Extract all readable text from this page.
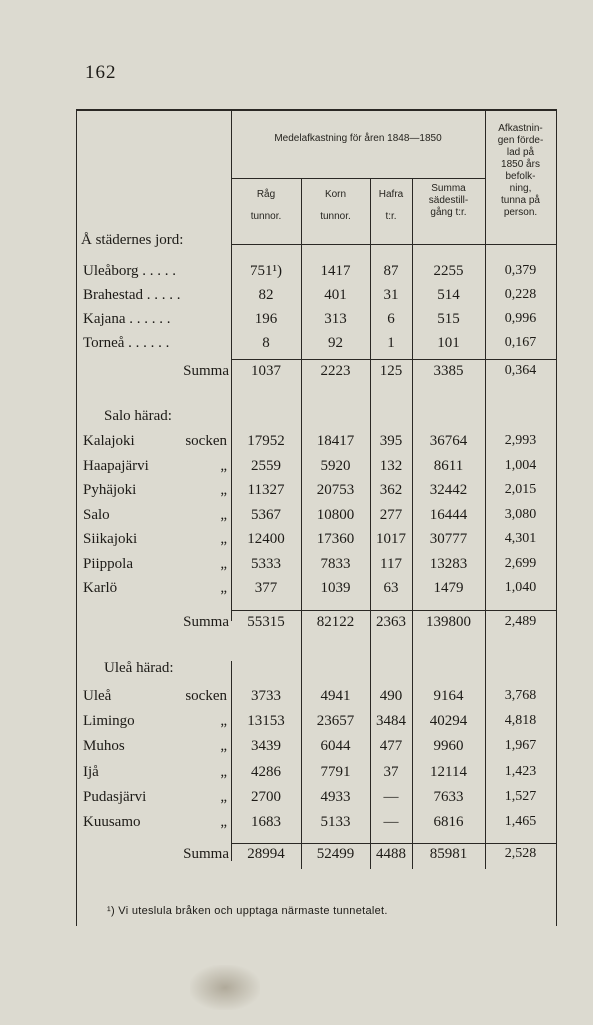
162
Medelafkastning för åren 1848—1850
Råg
tunnor.
Korn
tunnor.
Hafra
t:r.
Summa
sädestill-
gång t:r.
Afkastnin-
gen förde-
lad på
1850 års
befolk-
ning,
tunna på
person.
Å städernes jord:
Uleåborg . . . . .	751¹)	1417	87	2255	0,379
Brahestad . . . . .	82	401	31	514	0,228
Kajana . . . . . .	196	313	6	515	0,996
Torneå . . . . . .	8	92	1	101	0,167
Summa	1037	2223	125	3385	0,364
Salo härad:
Kalajoki	socken	17952	18417	395	36764	2,993
Haapajärvi	„	2559	5920	132	8611	1,004
Pyhäjoki	„	11327	20753	362	32442	2,015
Salo	„	5367	10800	277	16444	3,080
Siikajoki	„	12400	17360	1017	30777	4,301
Piippola	„	5333	7833	117	13283	2,699
Karlö	„	377	1039	63	1479	1,040
Summa	55315	82122	2363	139800	2,489
Uleå härad:
Uleå	socken	3733	4941	490	9164	3,768
Limingo	„	13153	23657	3484	40294	4,818
Muhos	„	3439	6044	477	9960	1,967
Ijå	„	4286	7791	37	12114	1,423
Pudasjärvi	„	2700	4933	—	7633	1,527
Kuusamo	„	1683	5133	—	6816	1,465
Summa	28994	52499	4488	85981	2,528
¹) Vi uteslula bråken och upptaga närmaste tunnetalet.
